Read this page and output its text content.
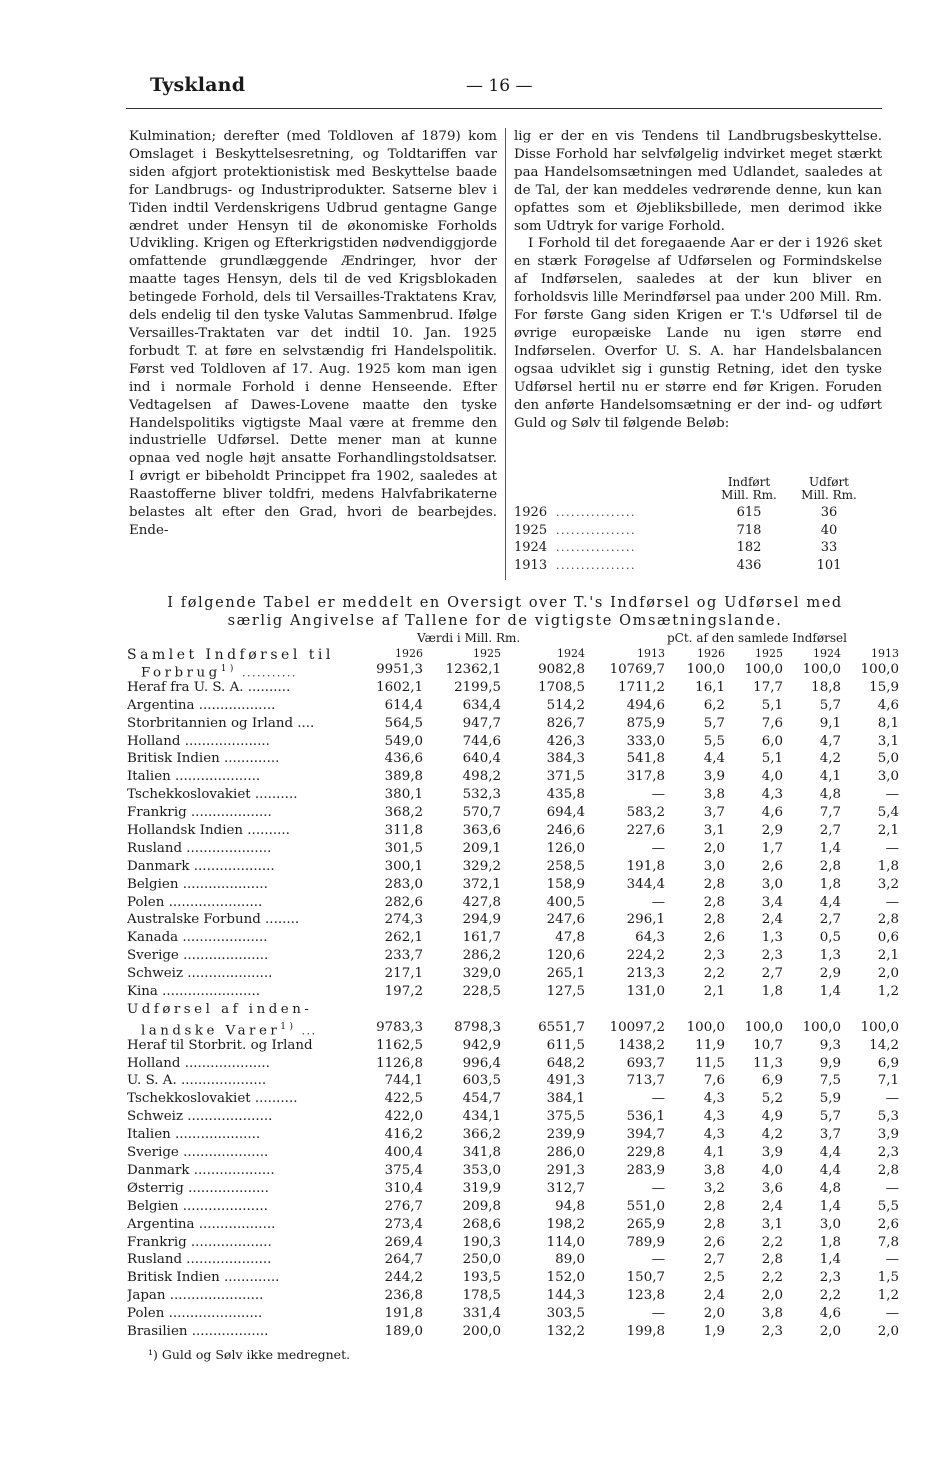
Tyskland	— 16 —

Kulmination; derefter (med Toldloven af 1879) kom Omslaget i Beskyttelsesretning, og Toldtariffen var siden afgjort protektionistisk med Beskyttelse baade for Landbrugs- og Industriprodukter. Satserne blev i Tiden indtil Verdenskrigens Udbrud gentagne Gange ændret under Hensyn til de økonomiske Forholds Udvikling. Krigen og Efterkrigstiden nødvendiggjorde omfattende grundlæggende Ændringer, hvor der maatte tages Hensyn, dels til de ved Krigsblokaden betingede Forhold, dels til Versailles-Traktatens Krav, dels endelig til den tyske Valutas Sammenbrud. Ifølge Versailles-Traktaten var det indtil 10. Jan. 1925 forbudt T. at føre en selvstændig fri Handelspolitik. Først ved Toldloven af 17. Aug. 1925 kom man igen ind i normale Forhold i denne Henseende. Efter Vedtagelsen af Dawes-Lovene maatte den tyske Handelspolitiks vigtigste Maal være at fremme den industrielle Udførsel. Dette mener man at kunne opnaa ved nogle højt ansatte Forhandlingstoldsatser. I øvrigt er bibeholdt Princippet fra 1902, saaledes at Raastofferne bliver toldfri, medens Halvfabrikaterne belastes alt efter den Grad, hvori de bearbejdes. Ende-

lig er der en vis Tendens til Landbrugsbeskyttelse. Disse Forhold har selvfølgelig indvirket meget stærkt paa Handelsomsætningen med Udlandet, saaledes at de Tal, der kan meddeles vedrørende denne, kun kan opfattes som et Øjebliksbillede, men derimod ikke som Udtryk for varige Forhold.

I Forhold til det foregaaende Aar er der i 1926 sket en stærk Forøgelse af Udførselen og Formindskelse af Indførselen, saaledes at der kun bliver en forholdsvis lille Merindførsel paa under 200 Mill. Rm. For første Gang siden Krigen er T.'s Udførsel til de øvrige europæiske Lande nu igen større end Indførselen. Overfor U. S. A. har Handelsbalancen ogsaa udviklet sig i gunstig Retning, idet den tyske Udførsel hertil nu er større end før Krigen. Foruden den anførte Handelsomsætning er der ind- og udført Guld og Sølv til følgende Beløb:

Indført
Mill. Rm.
Udført
Mill. Rm.
1926 ................	615	36
1925 ................	718	40
1924 ................	182	33
1913 ................	436	101
I følgende Tabel er meddelt en Oversigt over T.'s Indførsel og Udførsel med
særlig Angivelse af Tallene for de vigtigste Omsætningslande.
Værdi i Mill. Rm.	pCt. af den samlede Indførsel
Samlet Indførsel til	1926	1925	1924	1913	1926	1925	1924	1913
Forbrug$^{1)}$ ...........	9951,3	12362,1	9082,8	10769,7	100,0	100,0	100,0	100,0
Heraf fra U. S. A. ..........	1602,1	2199,5	1708,5	1711,2	16,1	17,7	18,8	15,9
Argentina ..................	614,4	634,4	514,2	494,6	6,2	5,1	5,7	4,6
Storbritannien og Irland ....	564,5	947,7	826,7	875,9	5,7	7,6	9,1	8,1
Holland ....................	549,0	744,6	426,3	333,0	5,5	6,0	4,7	3,1
Britisk Indien .............	436,6	640,4	384,3	541,8	4,4	5,1	4,2	5,0
Italien ....................	389,8	498,2	371,5	317,8	3,9	4,0	4,1	3,0
Tschekkoslovakiet ..........	380,1	532,3	435,8	—	3,8	4,3	4,8	—
Frankrig ...................	368,2	570,7	694,4	583,2	3,7	4,6	7,7	5,4
Hollandsk Indien ..........	311,8	363,6	246,6	227,6	3,1	2,9	2,7	2,1
Rusland ....................	301,5	209,1	126,0	—	2,0	1,7	1,4	—
Danmark ...................	300,1	329,2	258,5	191,8	3,0	2,6	2,8	1,8
Belgien ....................	283,0	372,1	158,9	344,4	2,8	3,0	1,8	3,2
Polen ......................	282,6	427,8	400,5	—	2,8	3,4	4,4	—
Australske Forbund ........	274,3	294,9	247,6	296,1	2,8	2,4	2,7	2,8
Kanada ....................	262,1	161,7	47,8	64,3	2,6	1,3	0,5	0,6
Sverige ....................	233,7	286,2	120,6	224,2	2,3	2,3	1,3	2,1
Schweiz ....................	217,1	329,0	265,1	213,3	2,2	2,7	2,9	2,0
Kina .......................	197,2	228,5	127,5	131,0	2,1	1,8	1,4	1,2
Udførsel af inden-
landske Varer$^{1)}$ ...	9783,3	8798,3	6551,7	10097,2	100,0	100,0	100,0	100,0
Heraf til Storbrit. og Irland	1162,5	942,9	611,5	1438,2	11,9	10,7	9,3	14,2
Holland ....................	1126,8	996,4	648,2	693,7	11,5	11,3	9,9	6,9
U. S. A. ....................	744,1	603,5	491,3	713,7	7,6	6,9	7,5	7,1
Tschekkoslovakiet ..........	422,5	454,7	384,1	—	4,3	5,2	5,9	—
Schweiz ....................	422,0	434,1	375,5	536,1	4,3	4,9	5,7	5,3
Italien ....................	416,2	366,2	239,9	394,7	4,3	4,2	3,7	3,9
Sverige ....................	400,4	341,8	286,0	229,8	4,1	3,9	4,4	2,3
Danmark ...................	375,4	353,0	291,3	283,9	3,8	4,0	4,4	2,8
Østerrig ...................	310,4	319,9	312,7	—	3,2	3,6	4,8	—
Belgien ....................	276,7	209,8	94,8	551,0	2,8	2,4	1,4	5,5
Argentina ..................	273,4	268,6	198,2	265,9	2,8	3,1	3,0	2,6
Frankrig ...................	269,4	190,3	114,0	789,9	2,6	2,2	1,8	7,8
Rusland ....................	264,7	250,0	89,0	—	2,7	2,8	1,4	—
Britisk Indien .............	244,2	193,5	152,0	150,7	2,5	2,2	2,3	1,5
Japan ......................	236,8	178,5	144,3	123,8	2,4	2,0	2,2	1,2
Polen ......................	191,8	331,4	303,5	—	2,0	3,8	4,6	—
Brasilien ..................	189,0	200,0	132,2	199,8	1,9	2,3	2,0	2,0
¹) Guld og Sølv ikke medregnet.
